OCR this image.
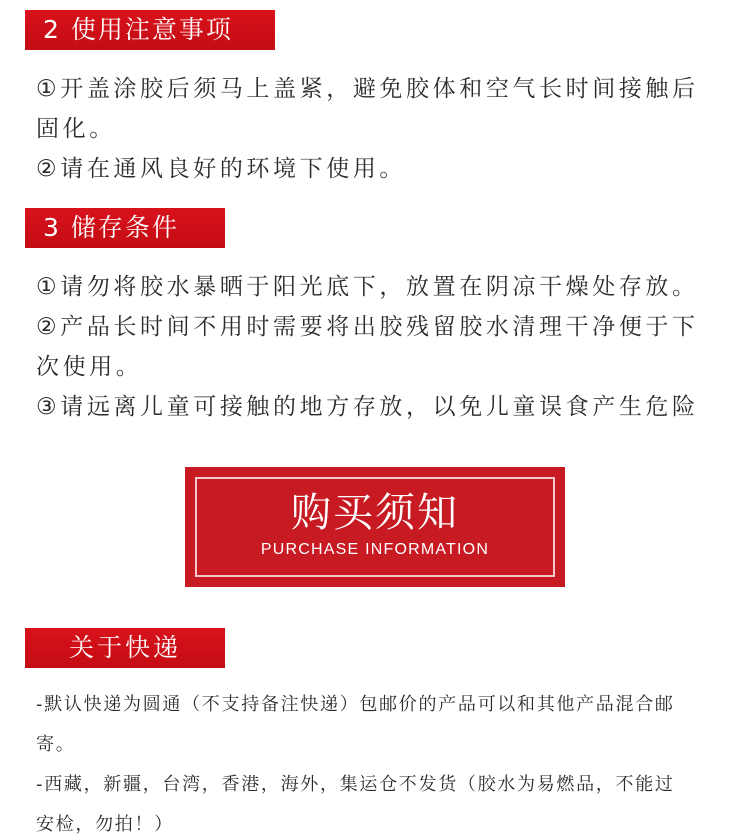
2 使用注意事项
①开盖涂胶后须马上盖紧，避免胶体和空气长时间接触后
固化。
②请在通风良好的环境下使用。
3 储存条件
①请勿将胶水暴晒于阳光底下，放置在阴凉干燥处存放。
②产品长时间不用时需要将出胶残留胶水清理干净便于下
次使用。
③请远离儿童可接触的地方存放，以免儿童误食产生危险
购买须知
PURCHASE INFORMATION
关于快递
-默认快递为圆通（不支持备注快递）包邮价的产品可以和其他产品混合邮
寄。
-西藏，新疆，台湾，香港，海外，集运仓不发货（胶水为易燃品，不能过
安检，勿拍！）
